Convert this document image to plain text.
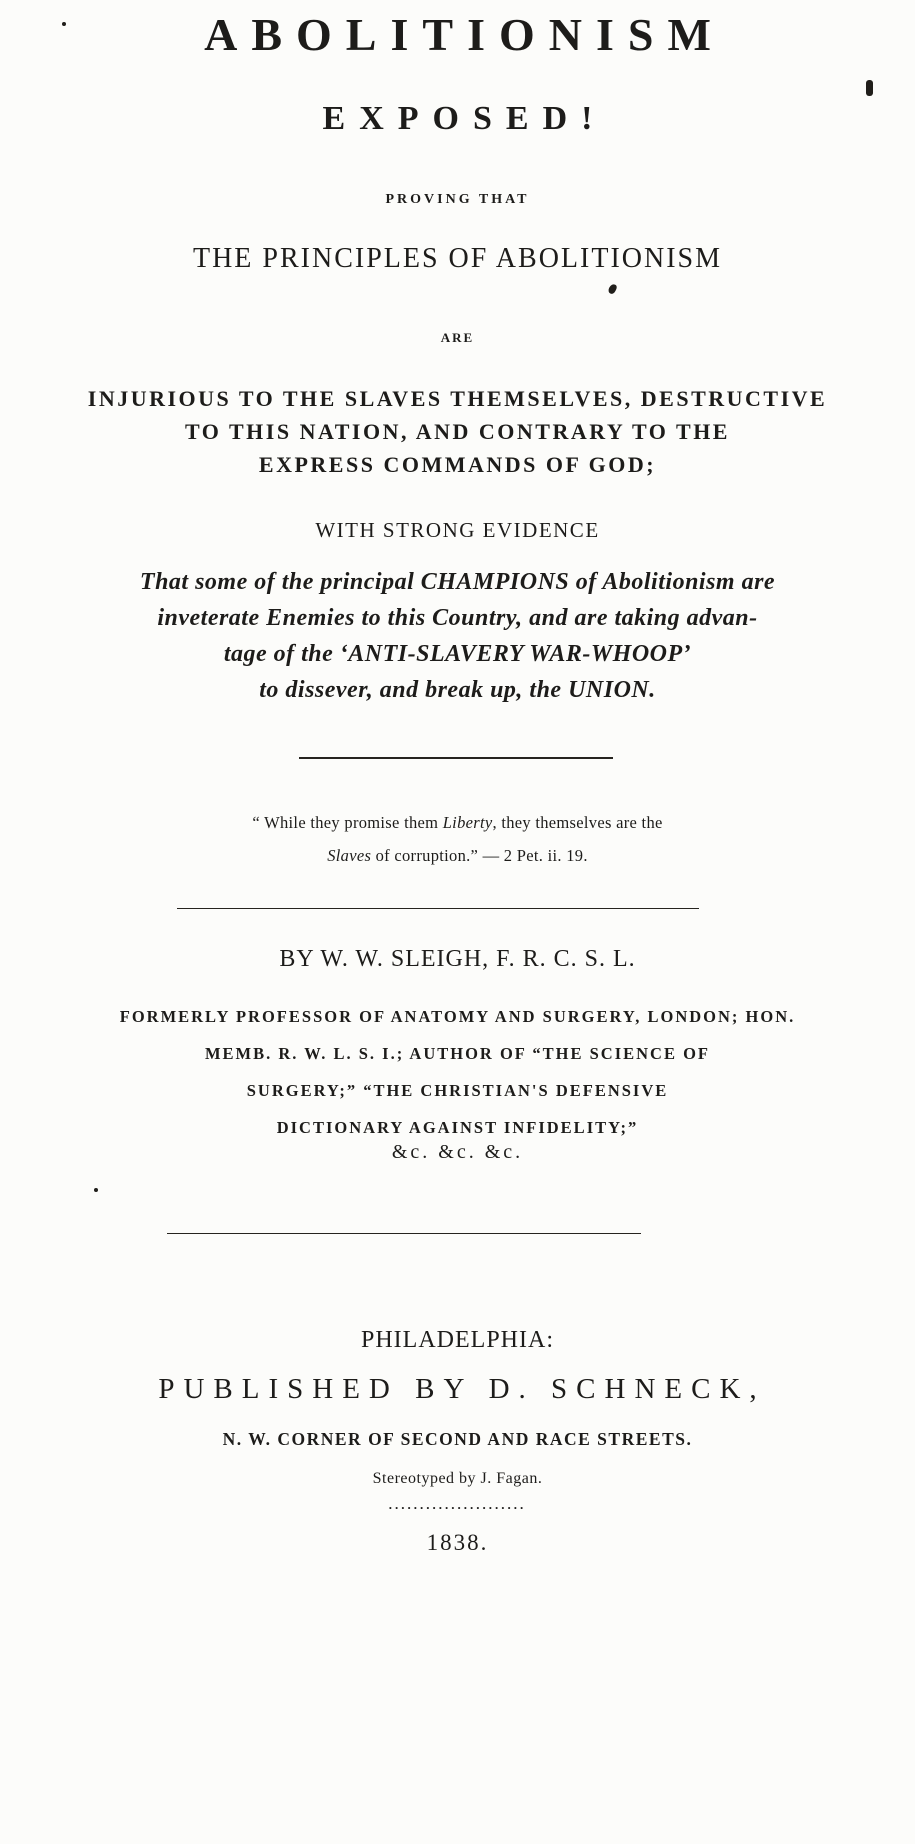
ABOLITIONISM
EXPOSED!
PROVING THAT
THE PRINCIPLES OF ABOLITIONISM
ARE
INJURIOUS TO THE SLAVES THEMSELVES, DESTRUCTIVE
TO THIS NATION, AND CONTRARY TO THE
EXPRESS COMMANDS OF GOD;
WITH STRONG EVIDENCE
That some of the principal CHAMPIONS of Abolitionism are
inveterate Enemies to this Country, and are taking advan-
tage of the ‘ANTI-SLAVERY WAR-WHOOP’
to dissever, and break up, the UNION.
“ While they promise them Liberty, they themselves are the
Slaves of corruption.” — 2 Pet. ii. 19.
BY W. W. SLEIGH, F. R. C. S. L.
FORMERLY PROFESSOR OF ANATOMY AND SURGERY, LONDON; HON.
MEMB. R. W. L. S. I.; AUTHOR OF “THE SCIENCE OF
SURGERY;” “THE CHRISTIAN'S DEFENSIVE
DICTIONARY AGAINST INFIDELITY;”
&c. &c. &c.
PHILADELPHIA:
PUBLISHED BY D. SCHNECK,
N. W. CORNER OF SECOND AND RACE STREETS.
Stereotyped by J. Fagan.
......................
1838.
